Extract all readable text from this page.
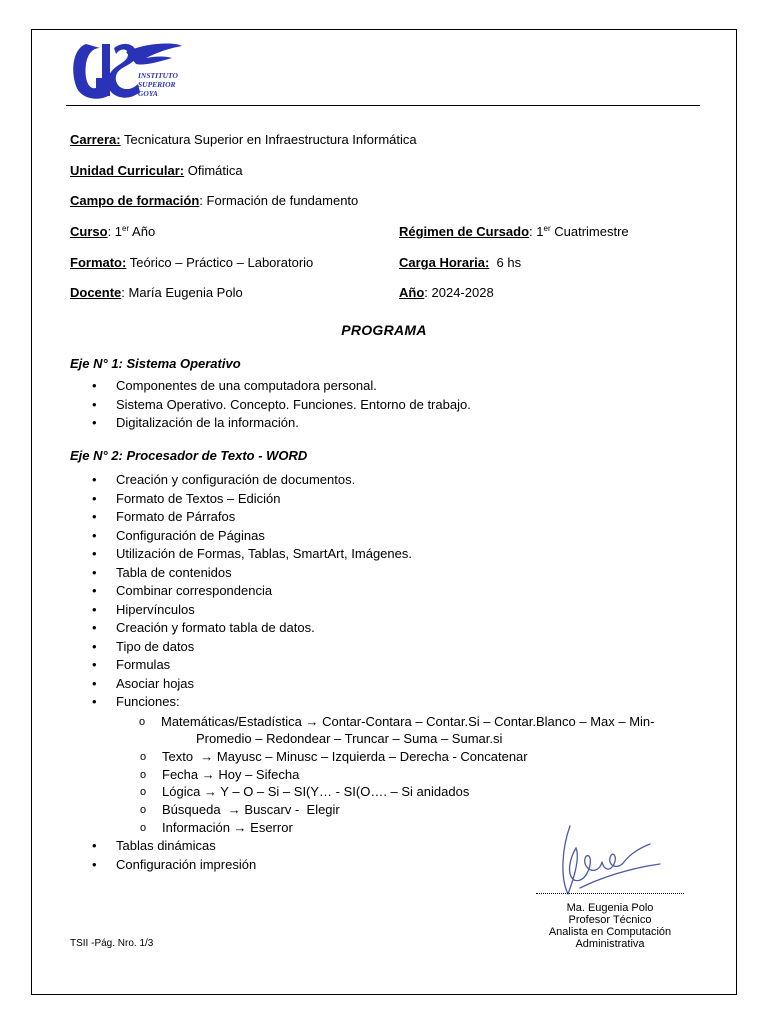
INSTITUTO
SUPERIOR
GOYA
Carrera: Tecnicatura Superior en Infraestructura Informática
Unidad Curricular: Ofimática
Campo de formación: Formación de fundamento
Curso: 1er Año	Régimen de Cursado: 1er Cuatrimestre
Formato: Teórico – Práctico – Laboratorio	Carga Horaria:  6 hs
Docente: María Eugenia Polo	Año: 2024-2028
PROGRAMA
Eje N° 1: Sistema Operativo
• Componentes de una computadora personal.
• Sistema Operativo. Concepto. Funciones. Entorno de trabajo.
• Digitalización de la información.
Eje N° 2: Procesador de Texto - WORD
• Creación y configuración de documentos.
• Formato de Textos – Edición
• Formato de Párrafos
• Configuración de Páginas
• Utilización de Formas, Tablas, SmartArt, Imágenes.
• Tabla de contenidos
• Combinar correspondencia
• Hipervínculos
• Creación y formato tabla de datos.
• Tipo de datos
• Formulas
• Asociar hojas
• Funciones:
o Matemáticas/Estadística → Contar-Contara – Contar.Si – Contar.Blanco – Max – Min-
Promedio – Redondear – Truncar – Suma – Sumar.si
o Texto  → Mayusc – Minusc – Izquierda – Derecha - Concatenar
o Fecha → Hoy – Sifecha
o Lógica → Y – O – Si – SI(Y… - SI(O…. – Si anidados
o Búsqueda  → Buscarv -  Elegir
o Información → Eserror
• Tablas dinámicas
• Configuración impresión
Ma. Eugenia Polo
Profesor Técnico
Analista en Computación
Administrativa
TSII -Pág. Nro. 1/3
